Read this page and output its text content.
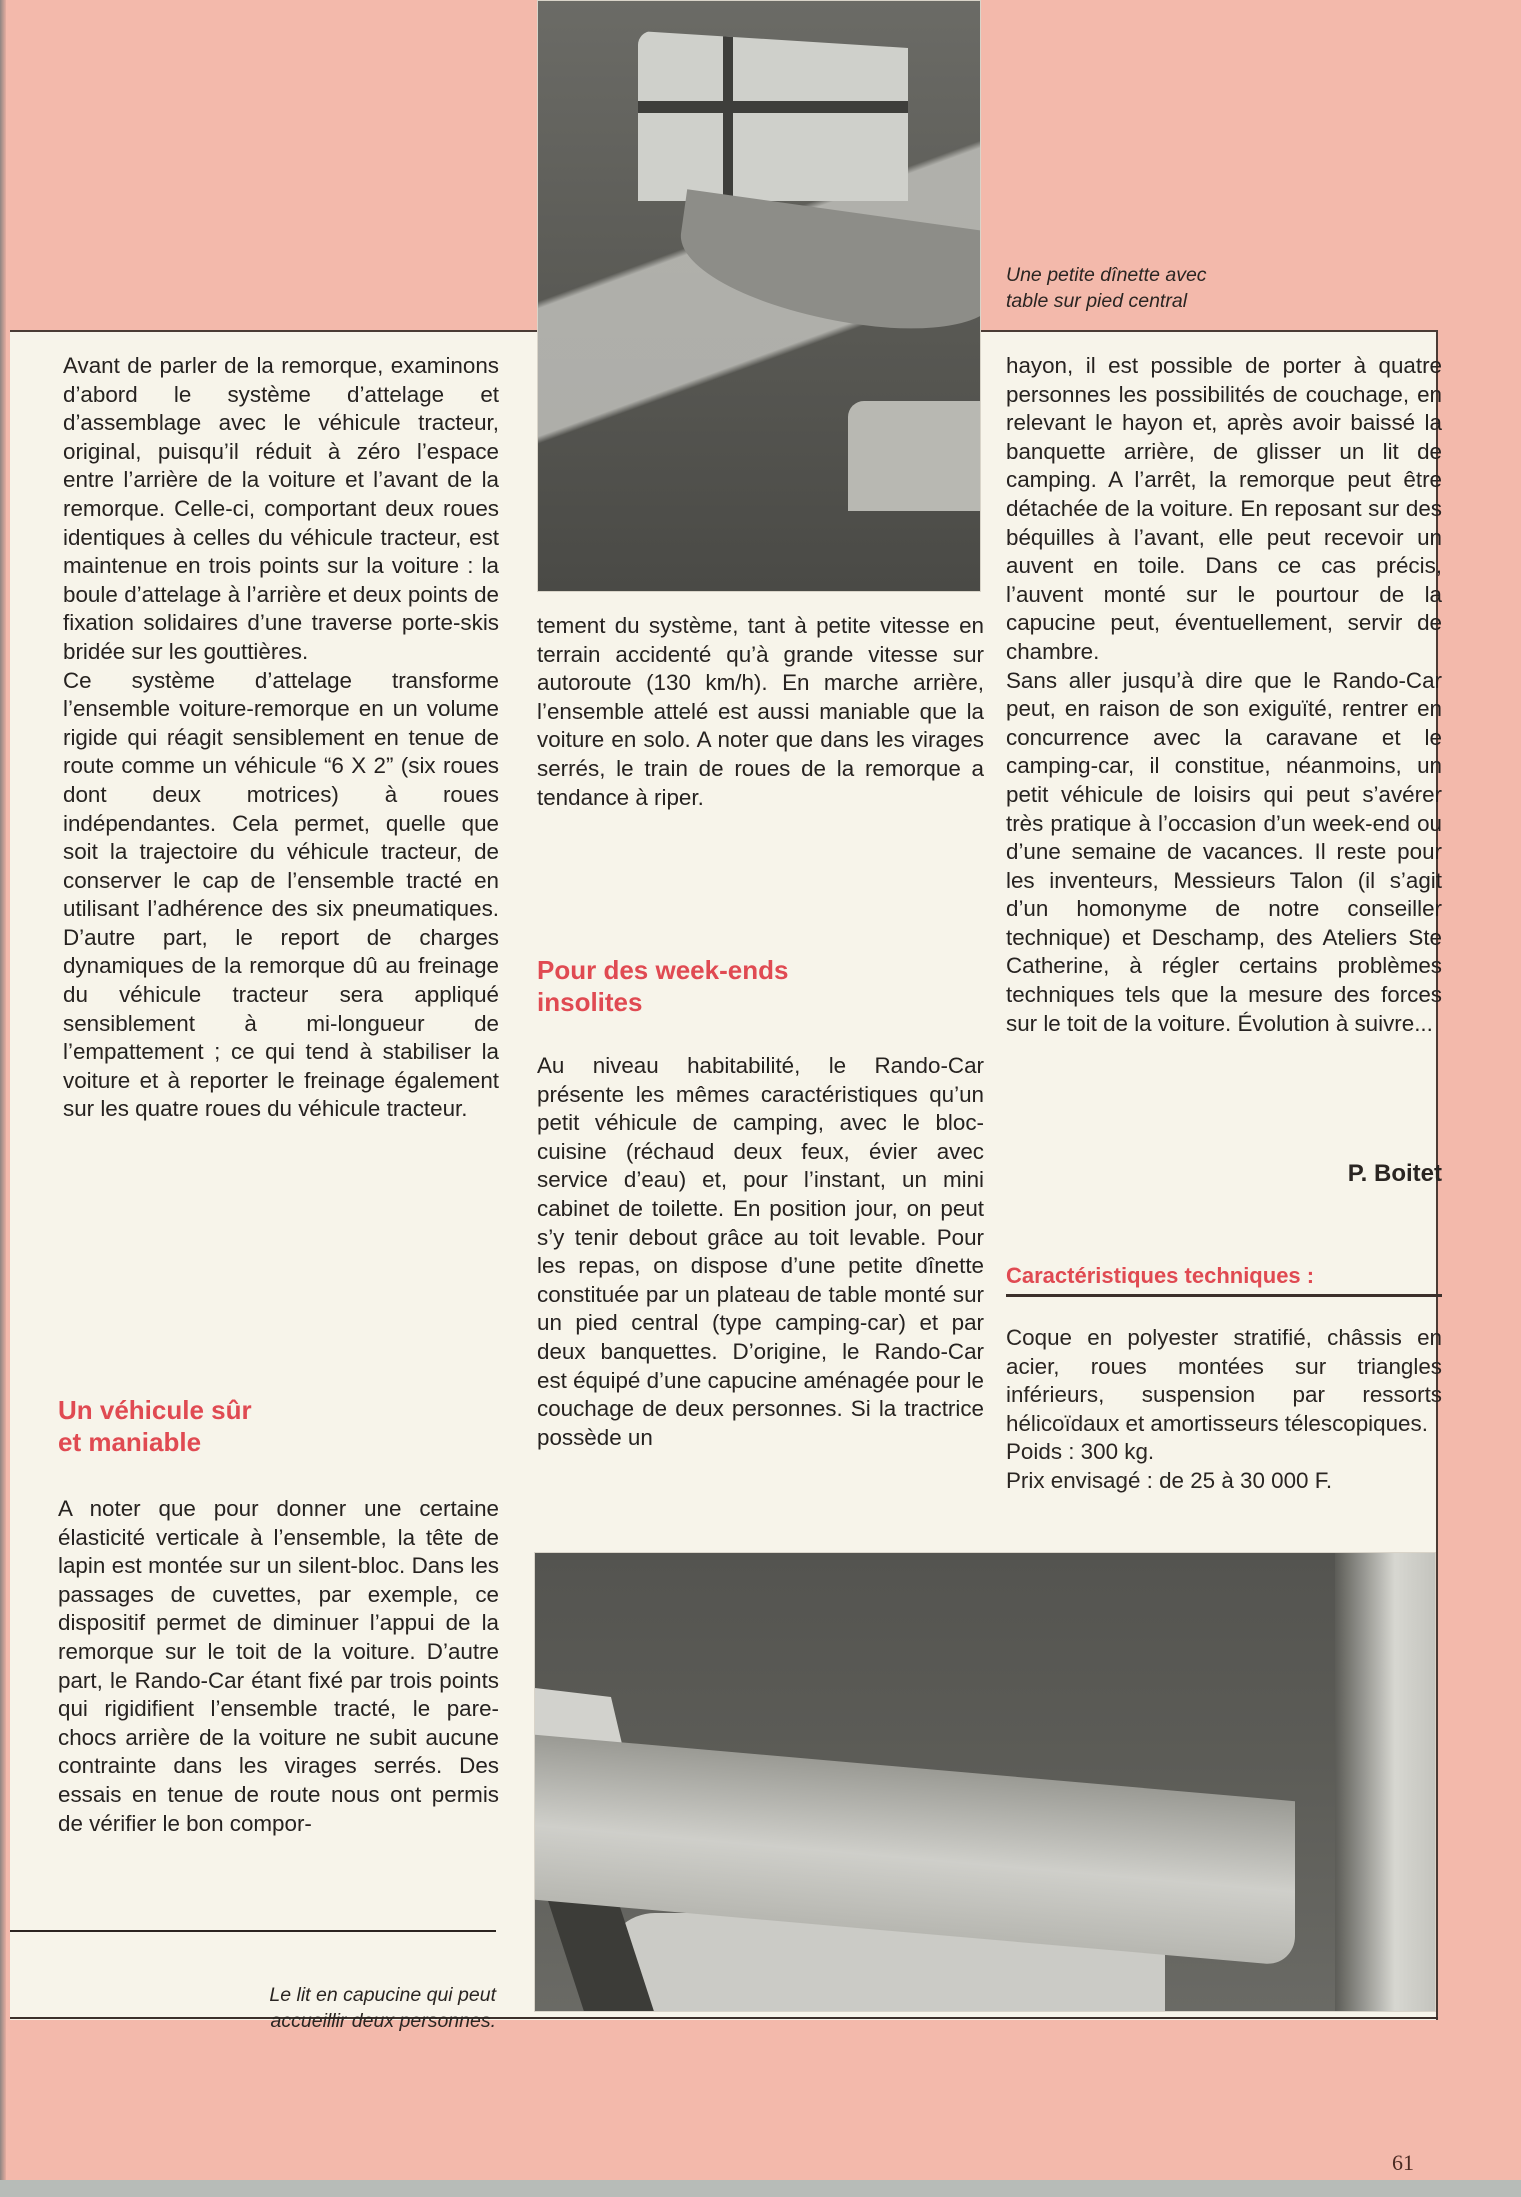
Une petite dînette avec
table sur pied central

Avant de parler de la remorque, examinons d’abord le système d’attelage et d’assemblage avec le véhicule tracteur, original, puisqu’il réduit à zéro l’espace entre l’arrière de la voiture et l’avant de la remorque. Celle-ci, comportant deux roues identiques à celles du véhicule tracteur, est maintenue en trois points sur la voiture : la boule d’attelage à l’arrière et deux points de fixation solidaires d’une traverse porte-skis bridée sur les gouttières.

Ce système d’attelage transforme l’ensemble voiture-remorque en un volume rigide qui réagit sensiblement en tenue de route comme un véhicule “6 X 2” (six roues dont deux motrices) à roues indépendantes. Cela permet, quelle que soit la trajectoire du véhicule tracteur, de conserver le cap de l’ensemble tracté en utilisant l’adhérence des six pneumatiques. D’autre part, le report de charges dynamiques de la remorque dû au freinage du véhicule tracteur sera appliqué sensiblement à mi-longueur de l’empattement ; ce qui tend à stabiliser la voiture et à reporter le freinage également sur les quatre roues du véhicule tracteur.

Un véhicule sûr
et maniable

A noter que pour donner une certaine élasticité verticale à l’ensemble, la tête de lapin est montée sur un silent-bloc. Dans les passages de cuvettes, par exemple, ce dispositif permet de diminuer l’appui de la remorque sur le toit de la voiture. D’autre part, le Rando-Car étant fixé par trois points qui rigidifient l’ensemble tracté, le pare-chocs arrière de la voiture ne subit aucune contrainte dans les virages serrés. Des essais en tenue de route nous ont permis de vérifier le bon compor-

Le lit en capucine qui peut
accueillir deux personnes.

tement du système, tant à petite vitesse en terrain accidenté qu’à grande vitesse sur autoroute (130 km/h). En marche arrière, l’ensemble attelé est aussi maniable que la voiture en solo. A noter que dans les virages serrés, le train de roues de la remorque a tendance à riper.

Pour des week-ends
insolites

Au niveau habitabilité, le Rando-Car présente les mêmes caractéristiques qu’un petit véhicule de camping, avec le bloc-cuisine (réchaud deux feux, évier avec service d’eau) et, pour l’instant, un mini cabinet de toilette. En position jour, on peut s’y tenir debout grâce au toit levable. Pour les repas, on dispose d’une petite dînette constituée par un plateau de table monté sur un pied central (type camping-car) et par deux banquettes. D’origine, le Rando-Car est équipé d’une capucine aménagée pour le couchage de deux personnes. Si la tractrice possède un

hayon, il est possible de porter à quatre personnes les possibilités de couchage, en relevant le hayon et, après avoir baissé la banquette arrière, de glisser un lit de camping. A l’arrêt, la remorque peut être détachée de la voiture. En reposant sur des béquilles à l’avant, elle peut recevoir un auvent en toile. Dans ce cas précis, l’auvent monté sur le pourtour de la capucine peut, éventuellement, servir de chambre.

Sans aller jusqu’à dire que le Rando-Car peut, en raison de son exiguïté, rentrer en concurrence avec la caravane et le camping-car, il constitue, néanmoins, un petit véhicule de loisirs qui peut s’avérer très pratique à l’occasion d’un week-end ou d’une semaine de vacances. Il reste pour les inventeurs, Messieurs Talon (il s’agit d’un homonyme de notre conseiller technique) et Deschamp, des Ateliers Ste Catherine, à régler certains problèmes techniques tels que la mesure des forces sur le toit de la voiture. Évolution à suivre...

P. Boitet
Caractéristiques techniques :

Coque en polyester stratifié, châssis en acier, roues montées sur triangles inférieurs, suspension par ressorts hélicoïdaux et amortisseurs télescopiques.

Poids : 300 kg.

Prix envisagé : de 25 à 30 000 F.

61
